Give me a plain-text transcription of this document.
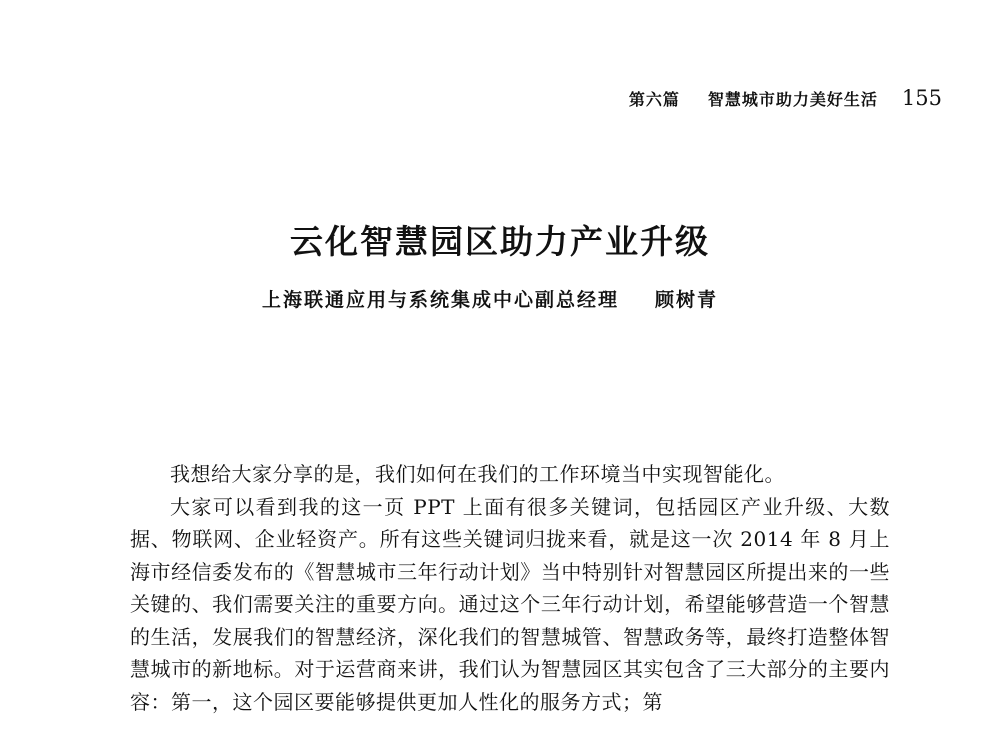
第六篇 智慧城市助力美好生活 155
云化智慧园区助力产业升级
上海联通应用与系统集成中心副总经理 顾树青

我想给大家分享的是，我们如何在我们的工作环境当中实现智能化。

大家可以看到我的这一页 PPT 上面有很多关键词，包括园区产业升级、大数据、物联网、企业轻资产。所有这些关键词归拢来看，就是这一次 2014 年 8 月上海市经信委发布的《智慧城市三年行动计划》当中特别针对智慧园区所提出来的一些关键的、我们需要关注的重要方向。通过这个三年行动计划，希望能够营造一个智慧的生活，发展我们的智慧经济，深化我们的智慧城管、智慧政务等，最终打造整体智慧城市的新地标。对于运营商来讲，我们认为智慧园区其实包含了三大部分的主要内容：第一，这个园区要能够提供更加人性化的服务方式；第
